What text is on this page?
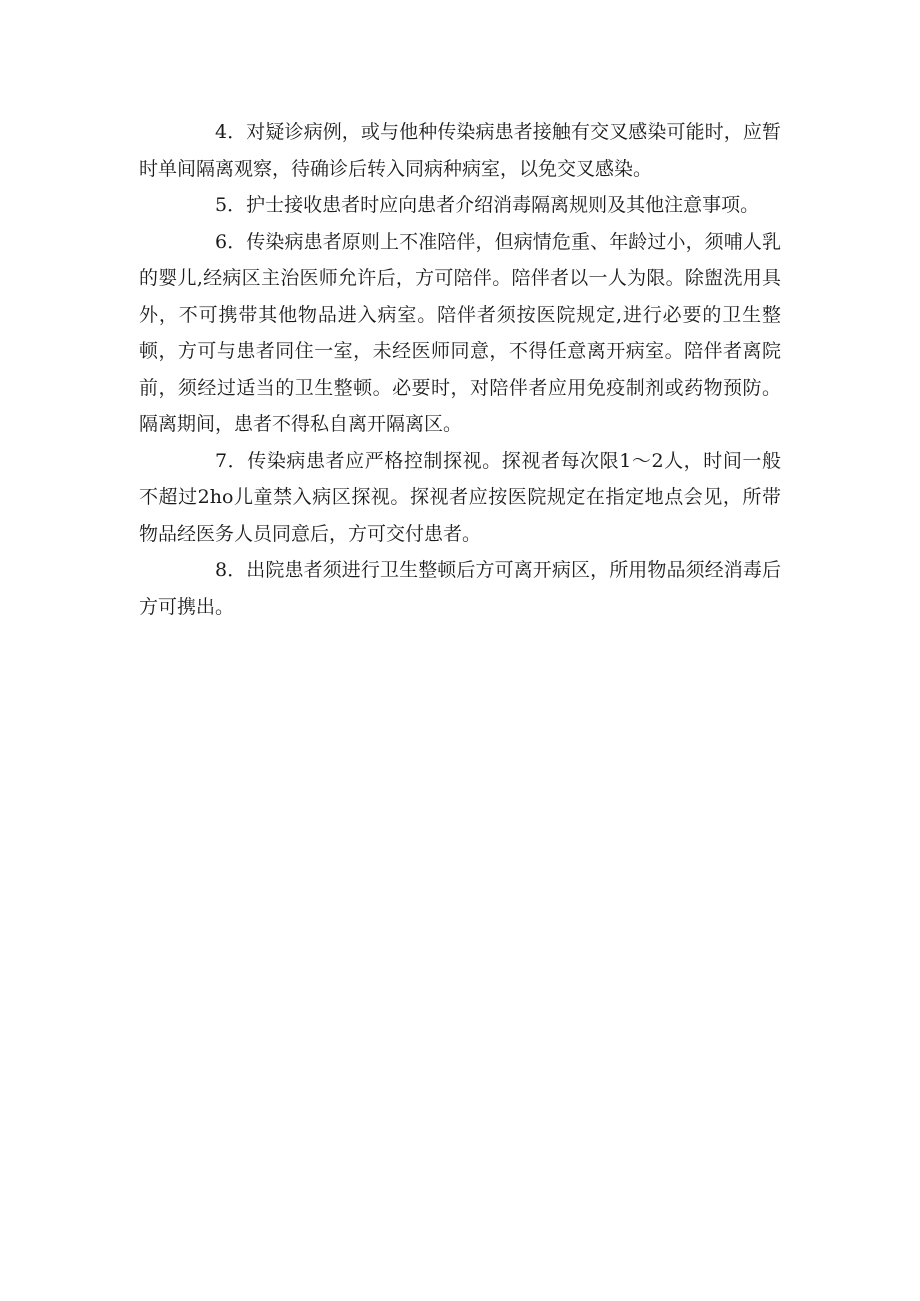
4．对疑诊病例，或与他种传染病患者接触有交叉感染可能时，应暂时单间隔离观察，待确诊后转入同病种病室，以免交叉感染。

5．护士接收患者时应向患者介绍消毒隔离规则及其他注意事项。

6．传染病患者原则上不准陪伴，但病情危重、年龄过小，须哺人乳的婴儿,经病区主治医师允许后，方可陪伴。陪伴者以一人为限。除盥洗用具外，不可携带其他物品进入病室。陪伴者须按医院规定,进行必要的卫生整顿，方可与患者同住一室，未经医师同意，不得任意离开病室。陪伴者离院前，须经过适当的卫生整顿。必要时，对陪伴者应用免疫制剂或药物预防。隔离期间，患者不得私自离开隔离区。

7．传染病患者应严格控制探视。探视者每次限1～2人，时间一般不超过2ho儿童禁入病区探视。探视者应按医院规定在指定地点会见，所带物品经医务人员同意后，方可交付患者。

8．出院患者须进行卫生整顿后方可离开病区，所用物品须经消毒后方可携出。
